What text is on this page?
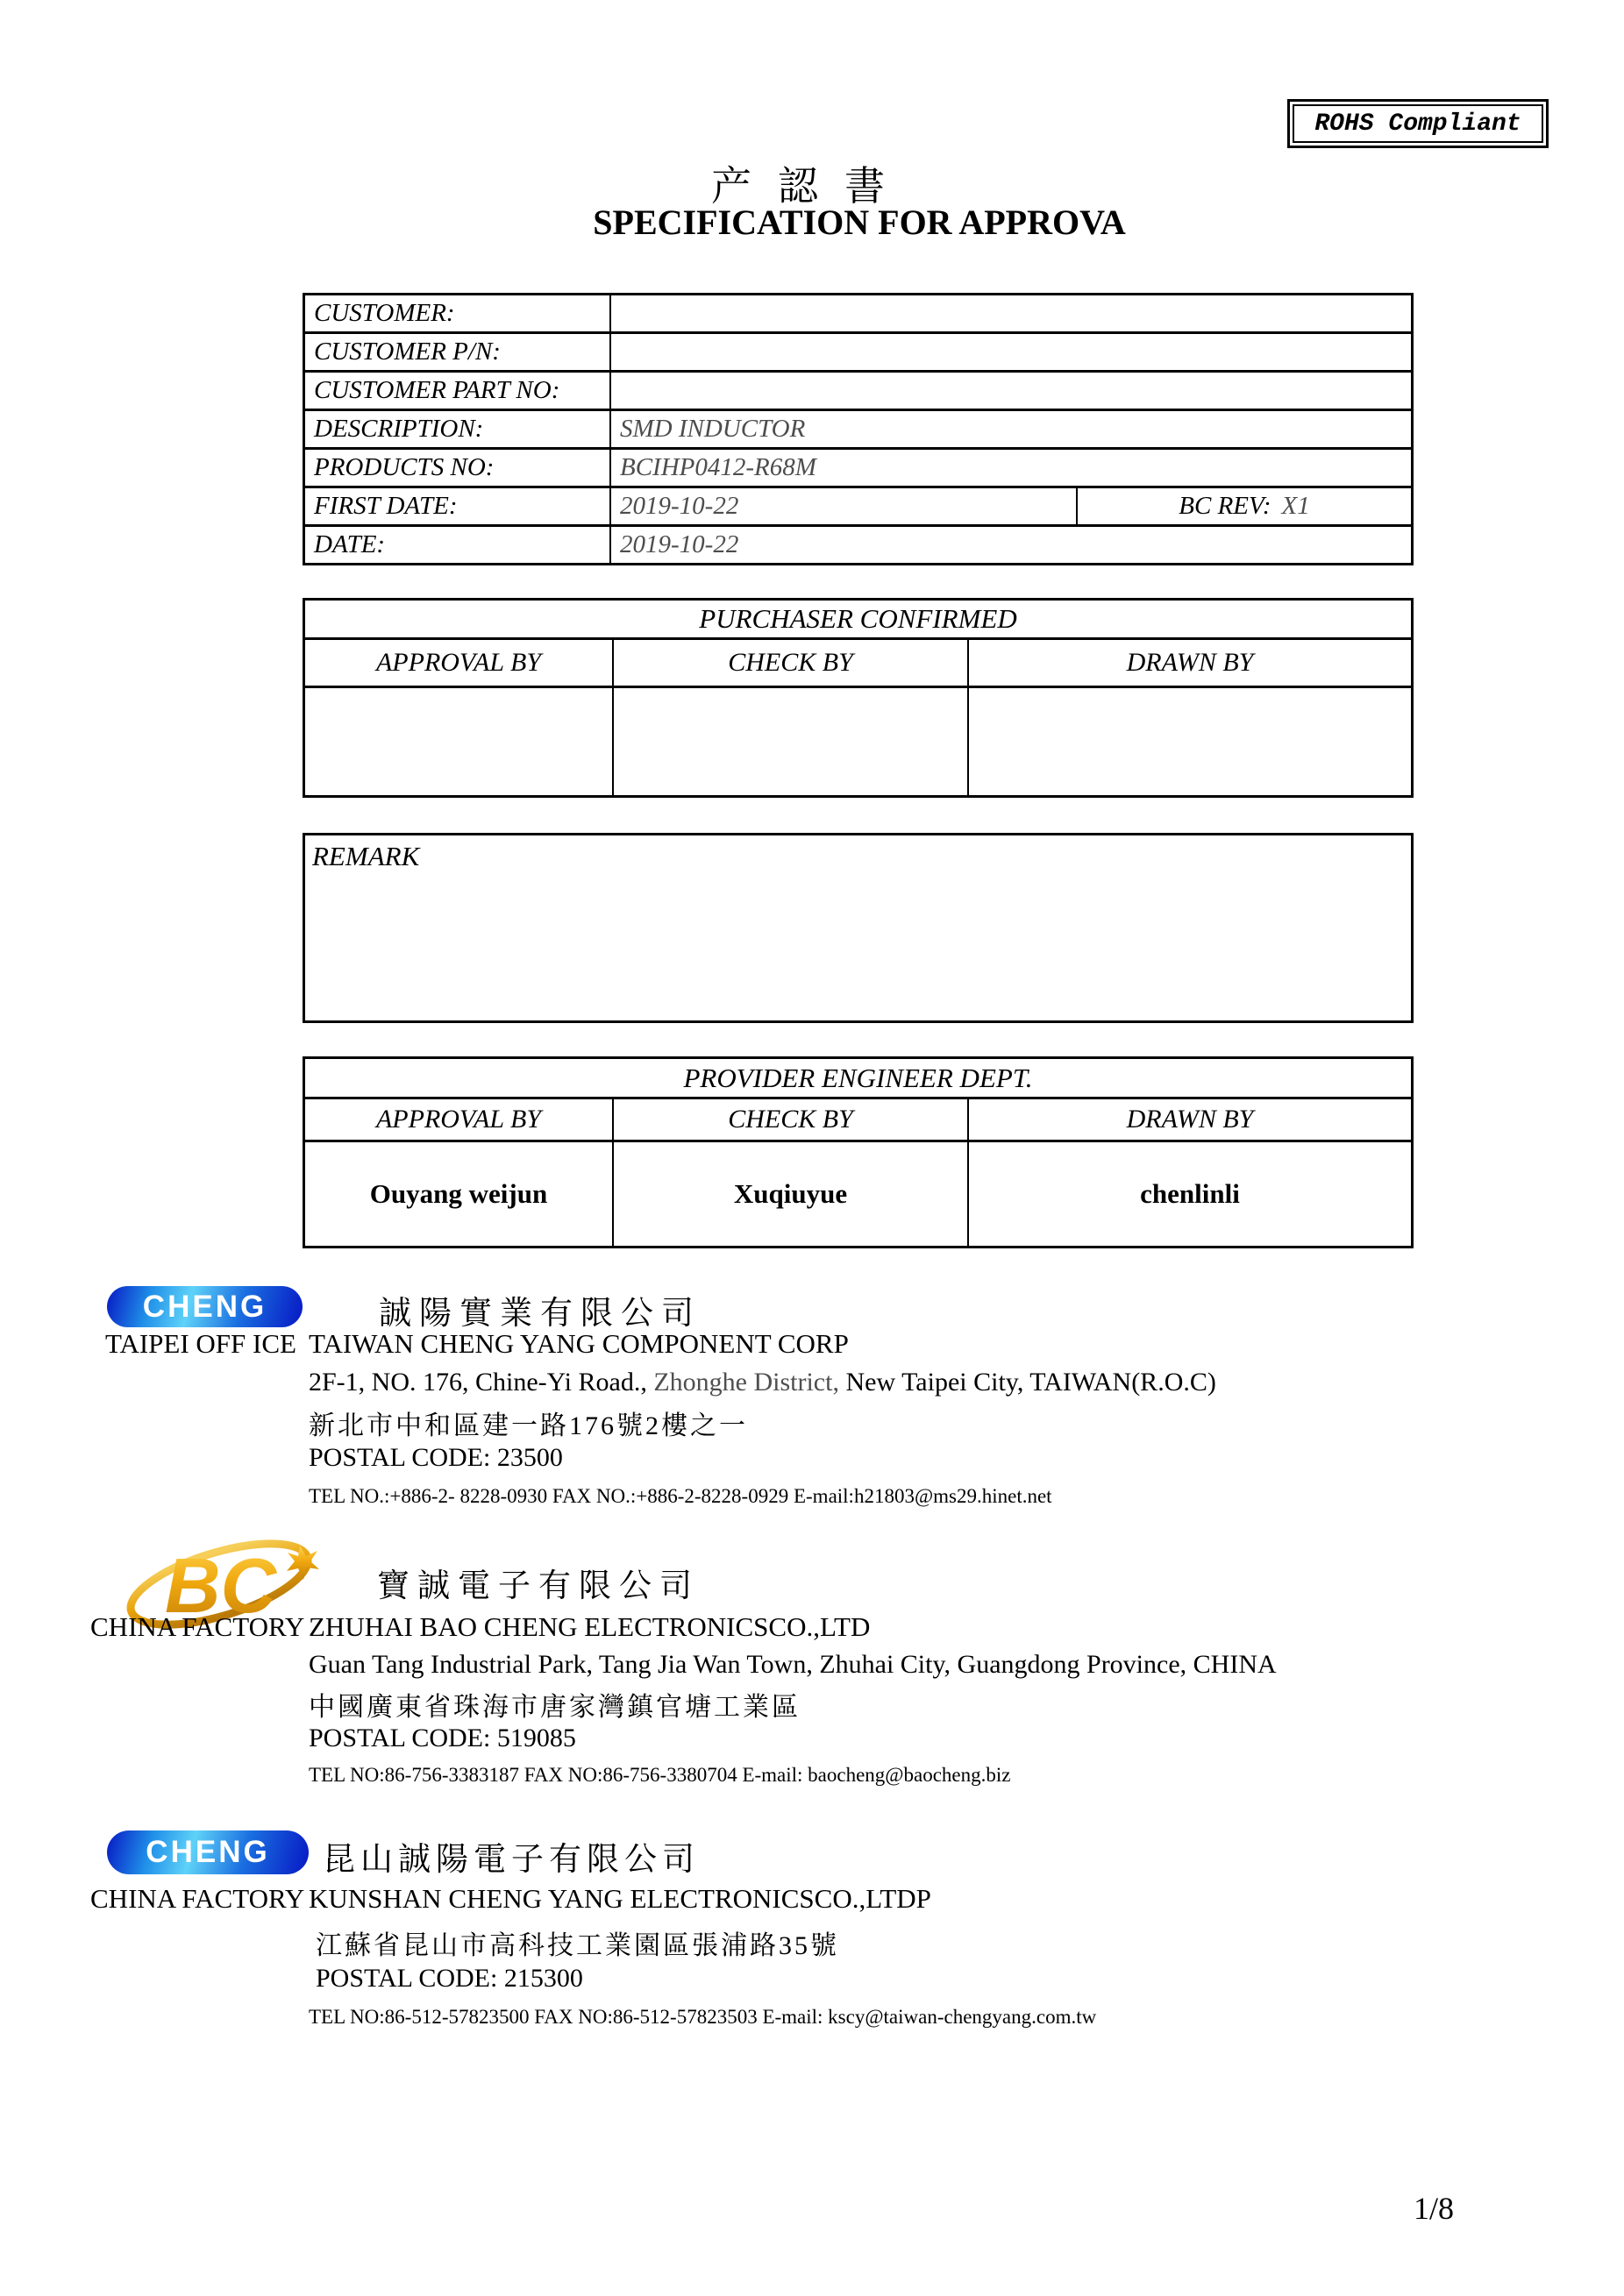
ROHS Compliant
产認書
SPECIFICATION FOR APPROVA
CUSTOMER:
CUSTOMER P/N:
CUSTOMER PART NO:
DESCRIPTION:	SMD INDUCTOR
PRODUCTS NO:	BCIHP0412-R68M
FIRST DATE:	2019-10-22	BC REV: X1
DATE:	2019-10-22
PURCHASER CONFIRMED
APPROVAL BY	CHECK BY	DRAWN BY
REMARK
PROVIDER ENGINEER DEPT.
APPROVAL BY	CHECK BY	DRAWN BY
Ouyang weijun	Xuqiuyue	chenlinli
CHENG	誠陽實業有限公司
TAIPEI OFF ICE TAIWAN CHENG YANG COMPONENT CORP
2F-1, NO. 176, Chine-Yi Road., Zhonghe District, New Taipei City, TAIWAN(R.O.C)
新北市中和區建一路176號2樓之一
POSTAL CODE: 23500
TEL NO.:+886-2- 8228-0930 FAX NO.:+886-2-8228-0929 E-mail:h21803@ms29.hinet.net
BC	寶誠電子有限公司
CHINA FACTORY ZHUHAI BAO CHENG ELECTRONICSCO.,LTD
Guan Tang Industrial Park, Tang Jia Wan Town, Zhuhai City, Guangdong Province, CHINA
中國廣東省珠海市唐家灣鎮官塘工業區
POSTAL CODE: 519085
TEL NO:86-756-3383187 FAX NO:86-756-3380704 E-mail: baocheng@baocheng.biz
CHENG 昆山誠陽電子有限公司
CHINA FACTORY KUNSHAN CHENG YANG ELECTRONICSCO.,LTDP
江蘇省昆山市高科技工業園區張浦路35號
POSTAL CODE: 215300
TEL NO:86-512-57823500 FAX NO:86-512-57823503 E-mail: kscy@taiwan-chengyang.com.tw
1/8
